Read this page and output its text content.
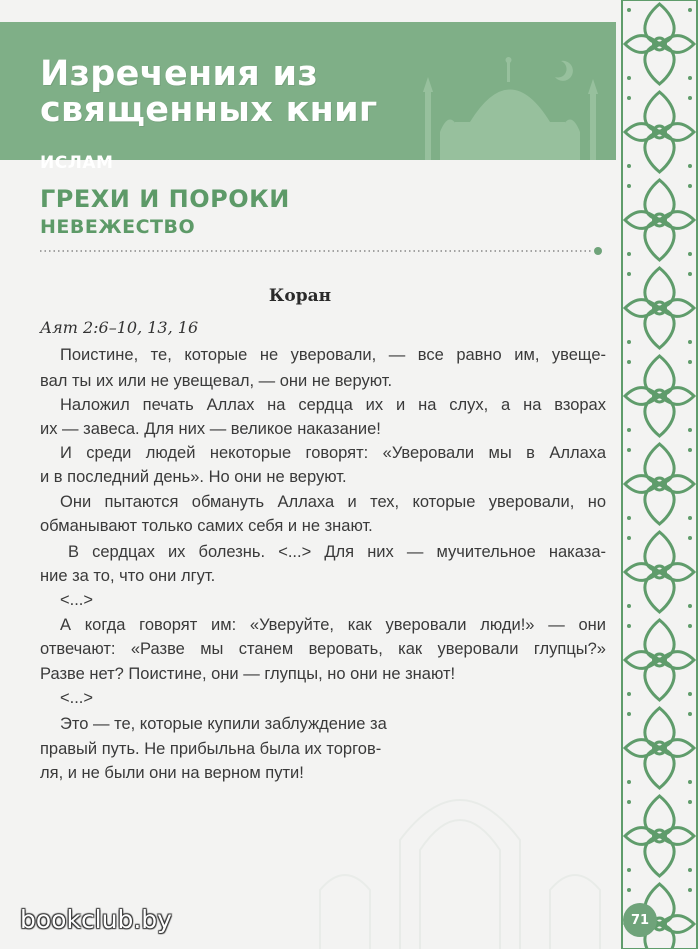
Изречения из
священных книг

ИСЛАМ

ГРЕХИ И ПОРОКИ

НЕВЕЖЕСТВО

Коран

Аят 2:6–10, 13, 16

Поистине, те, которые не уверовали, — все равно им, увеще-

вал ты их или не увещевал, — они не веруют.

Наложил печать Аллах на сердца их и на слух, а на взорах

их — завеса. Для них — великое наказание!

И среди людей некоторые говорят: «Уверовали мы в Аллаха

и в последний день». Но они не веруют.

Они пытаются обмануть Аллаха и тех, которые уверовали, но

обманывают только самих себя и не знают.

В сердцах их болезнь. <...> Для них — мучительное наказа-

ние за то, что они лгут.

<...>

А когда говорят им: «Уверуйте, как уверовали люди!» — они

отвечают: «Разве мы станем веровать, как уверовали глупцы?»

Разве нет? Поистине, они — глупцы, но они не знают!

<...>

Это — те, которые купили заблуждение за

правый путь. Не прибыльна была их торгов-

ля, и не были они на верном пути!

71

bookclub.by
